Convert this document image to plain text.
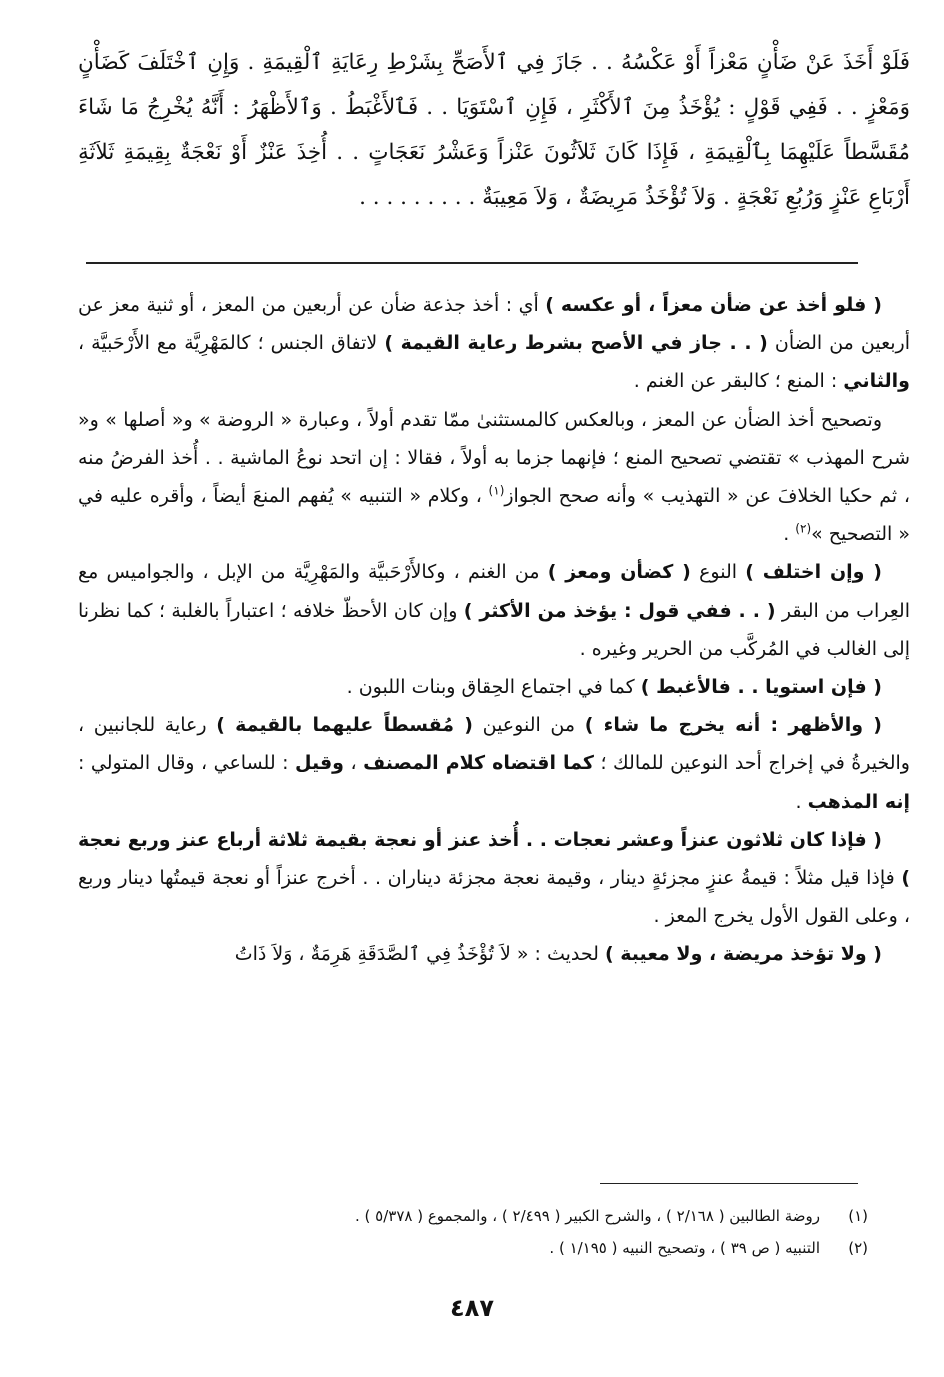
فَلَوْ أَخَذَ عَنْ ضَأْنٍ مَعْزاً أَوْ عَكْسُهُ . . جَازَ فِي ٱلأَصَحِّ بِشَرْطِ رِعَايَةِ ٱلْقِيمَةِ . وَإِنِ ٱخْتَلَفَ كَضَأْنٍ وَمَعْزٍ . . فَفِي قَوْلٍ : يُؤْخَذُ مِنَ ٱلأَكْثَرِ ، فَإِنِ ٱسْتَوَيَا . . فَٱلأَغْبَطُ . وَٱلأَظْهَرُ : أَنَّهُ يُخْرِجُ مَا شَاءَ مُقَسَّطاً عَلَيْهِمَا بِٱلْقِيمَةِ ، فَإِذَا كَانَ ثَلاَثُونَ عَنْزاً وَعَشْرُ نَعَجَاتٍ . . أُخِذَ عَنْزٌ أَوْ نَعْجَةٌ بِقِيمَةِ ثَلاَثَةِ أَرْبَاعِ عَنْزٍ وَرُبُعِ نَعْجَةٍ . وَلاَ تُؤْخَذُ مَرِيضَةٌ ، وَلاَ مَعِيبَةٌ . . . . . . . . .

( فلو أخذ عن ضأن معزاً ، أو عكسه ) أي : أخذ جذعة ضأن عن أربعين من المعز ، أو ثنية معز عن أربعين من الضأن ( . . جاز في الأصح بشرط رعاية القيمة ) لاتفاق الجنس ؛ كالمَهْرِيَّة مع الأَرْحَبيَّة ، والثاني : المنع ؛ كالبقر عن الغنم .

وتصحيح أخذ الضأن عن المعز ، وبالعكس كالمستثنىٰ ممّا تقدم أولاً ، وعبارة « الروضة » و« أصلها » و« شرح المهذب » تقتضي تصحيح المنع ؛ فإنهما جزما به أولاً ، فقالا : إن اتحد نوعُ الماشية . . أُخذ الفرضُ منه ، ثم حكيا الخلافَ عن « التهذيب » وأنه صحح الجواز$^{(١)}$ ، وكلام « التنبيه » يُفهم المنعَ أيضاً ، وأقره عليه في « التصحيح »$^{(٢)}$ .

( وإن اختلف ) النوع ( كضأن ومعز ) من الغنم ، وكالأَرْحَبيَّة والمَهْرِيَّة من الإبل ، والجواميس مع العِراب من البقر ( . . ففي قول : يؤخذ من الأكثر ) وإن كان الأحظّ خلافه ؛ اعتباراً بالغلبة ؛ كما نظرنا إلى الغالب في المُركَّب من الحرير وغيره .

( فإن استويا . . فالأغبط ) كما في اجتماع الحِقاق وبنات اللبون .

( والأظهر : أنه يخرج ما شاء ) من النوعين ( مُقسطاً عليهما بالقيمة ) رعاية للجانبين ، والخيرةُ في إخراج أحد النوعين للمالك ؛ كما اقتضاه كلام المصنف ، وقيل : للساعي ، وقال المتولي : إنه المذهب .

( فإذا كان ثلاثون عنزاً وعشر نعجات . . أُخذ عنز أو نعجة بقيمة ثلاثة أرباع عنز وربع نعجة ) فإذا قيل مثلاً : قيمةُ عنزٍ مجزئةٍ دينار ، وقيمة نعجة مجزئة ديناران . . أخرج عنزاً أو نعجة قيمتُها دينار وربع ، وعلى القول الأول يخرج المعز .

( ولا تؤخذ مريضة ، ولا معيبة ) لحديث : « لاَ تُؤْخَذُ فِي ٱلصَّدَقَةِ هَرِمَةٌ ، وَلاَ ذَاتُ

(١)
روضة الطالبين ( ٢/١٦٨ ) ، والشرح الكبير ( ٢/٤٩٩ ) ، والمجموع ( ٥/٣٧٨ ) .
(٢)
التنبيه ( ص ٣٩ ) ، وتصحيح النبيه ( ١/١٩٥ ) .
٤٨٧
